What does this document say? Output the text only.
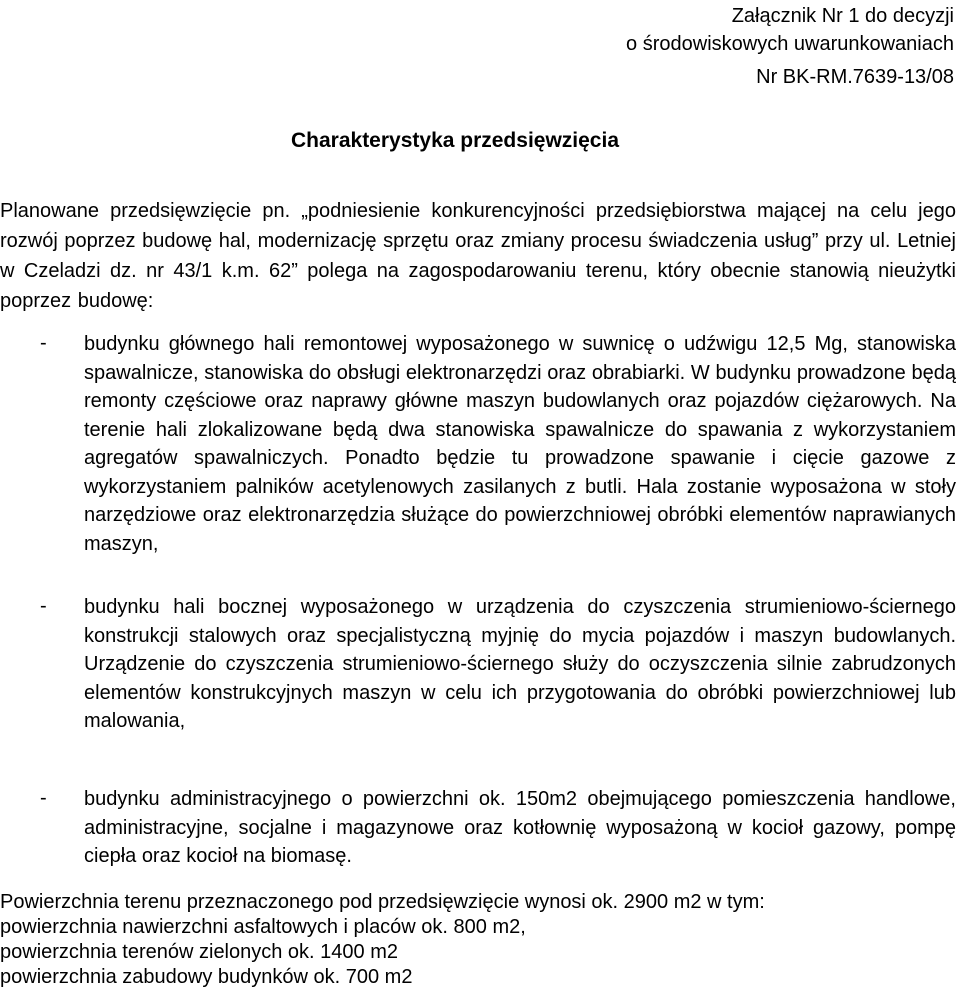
Załącznik Nr 1 do decyzji
o środowiskowych uwarunkowaniach
Nr BK-RM.7639-13/08
Charakterystyka przedsięwzięcia
Planowane przedsięwzięcie pn. „podniesienie konkurencyjności przedsiębiorstwa mającej na celu jego rozwój poprzez budowę hal, modernizację sprzętu oraz zmiany procesu świadczenia usług” przy ul. Letniej w Czeladzi dz. nr 43/1 k.m. 62” polega na zagospodarowaniu terenu, który obecnie stanowią nieużytki poprzez budowę:
- budynku głównego hali remontowej wyposażonego w suwnicę o udźwigu 12,5 Mg, stanowiska spawalnicze, stanowiska do obsługi elektronarzędzi oraz obrabiarki. W budynku prowadzone będą remonty częściowe oraz naprawy główne maszyn budowlanych oraz pojazdów ciężarowych. Na terenie hali zlokalizowane będą dwa stanowiska spawalnicze do spawania z wykorzystaniem agregatów spawalniczych. Ponadto będzie tu prowadzone spawanie i cięcie gazowe z wykorzystaniem palników acetylenowych zasilanych z butli. Hala zostanie wyposażona w stoły narzędziowe oraz elektronarzędzia służące do powierzchniowej obróbki elementów naprawianych maszyn,
- budynku hali bocznej wyposażonego w urządzenia do czyszczenia strumieniowo-ściernego konstrukcji stalowych oraz specjalistyczną myjnię do mycia pojazdów i maszyn budowlanych. Urządzenie do czyszczenia strumieniowo-ściernego służy do oczyszczenia silnie zabrudzonych elementów konstrukcyjnych maszyn w celu ich przygotowania do obróbki powierzchniowej lub malowania,
- budynku administracyjnego o powierzchni ok. 150m2 obejmującego pomieszczenia handlowe, administracyjne, socjalne i magazynowe oraz kotłownię wyposażoną w kocioł gazowy, pompę ciepła oraz kocioł na biomasę.
Powierzchnia terenu przeznaczonego pod przedsięwzięcie wynosi ok. 2900 m2 w tym:
powierzchnia nawierzchni asfaltowych i placów ok. 800 m2,
powierzchnia terenów zielonych ok. 1400 m2
powierzchnia zabudowy budynków ok. 700 m2
